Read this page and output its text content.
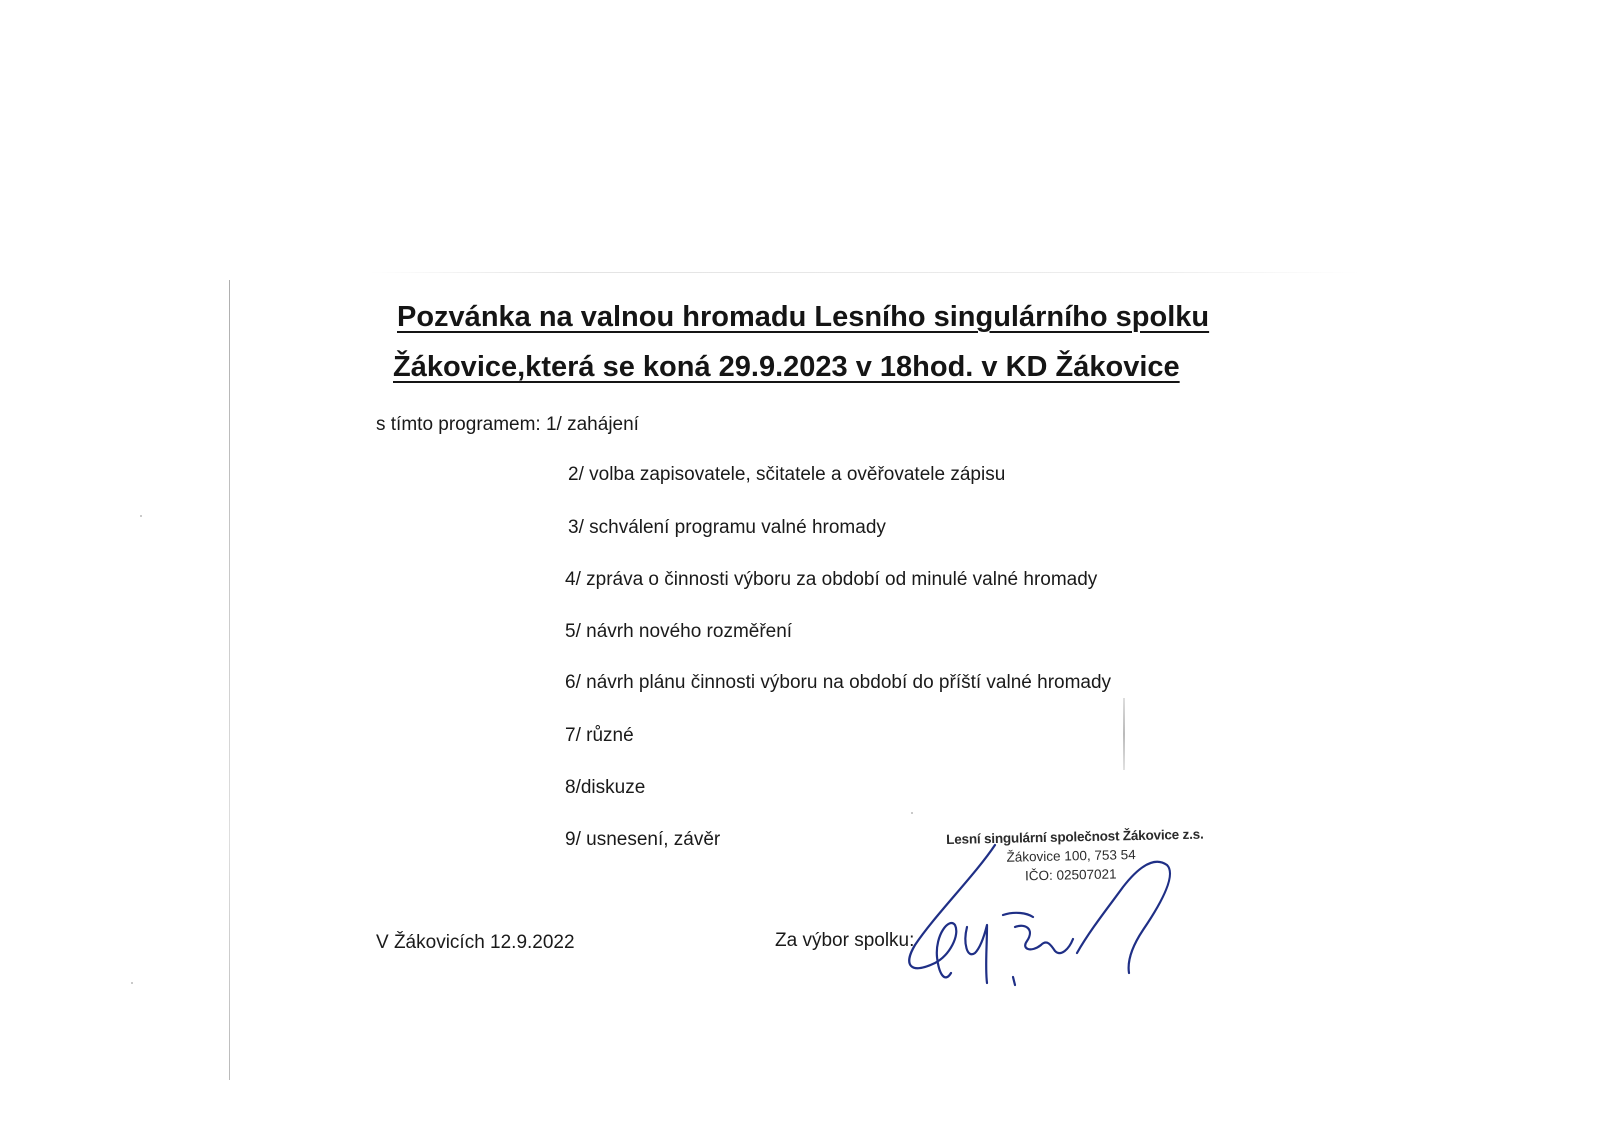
Pozvánka na valnou hromadu Lesního singulárního spolku
Žákovice,která se koná 29.9.2023 v 18hod. v KD Žákovice
s tímto programem: 1/ zahájení
2/ volba zapisovatele, sčitatele a ověřovatele zápisu
3/ schválení programu valné hromady
4/ zpráva o činnosti výboru za období od minulé valné hromady
5/ návrh nového rozměření
6/ návrh plánu činnosti výboru na období do příští valné hromady
7/ různé
8/diskuze
9/ usnesení, závěr
V Žákovicích 12.9.2022	Za výbor spolku:
Lesní singulární společnost Žákovice z.s.
Žákovice 100, 753 54
IČO: 02507021
